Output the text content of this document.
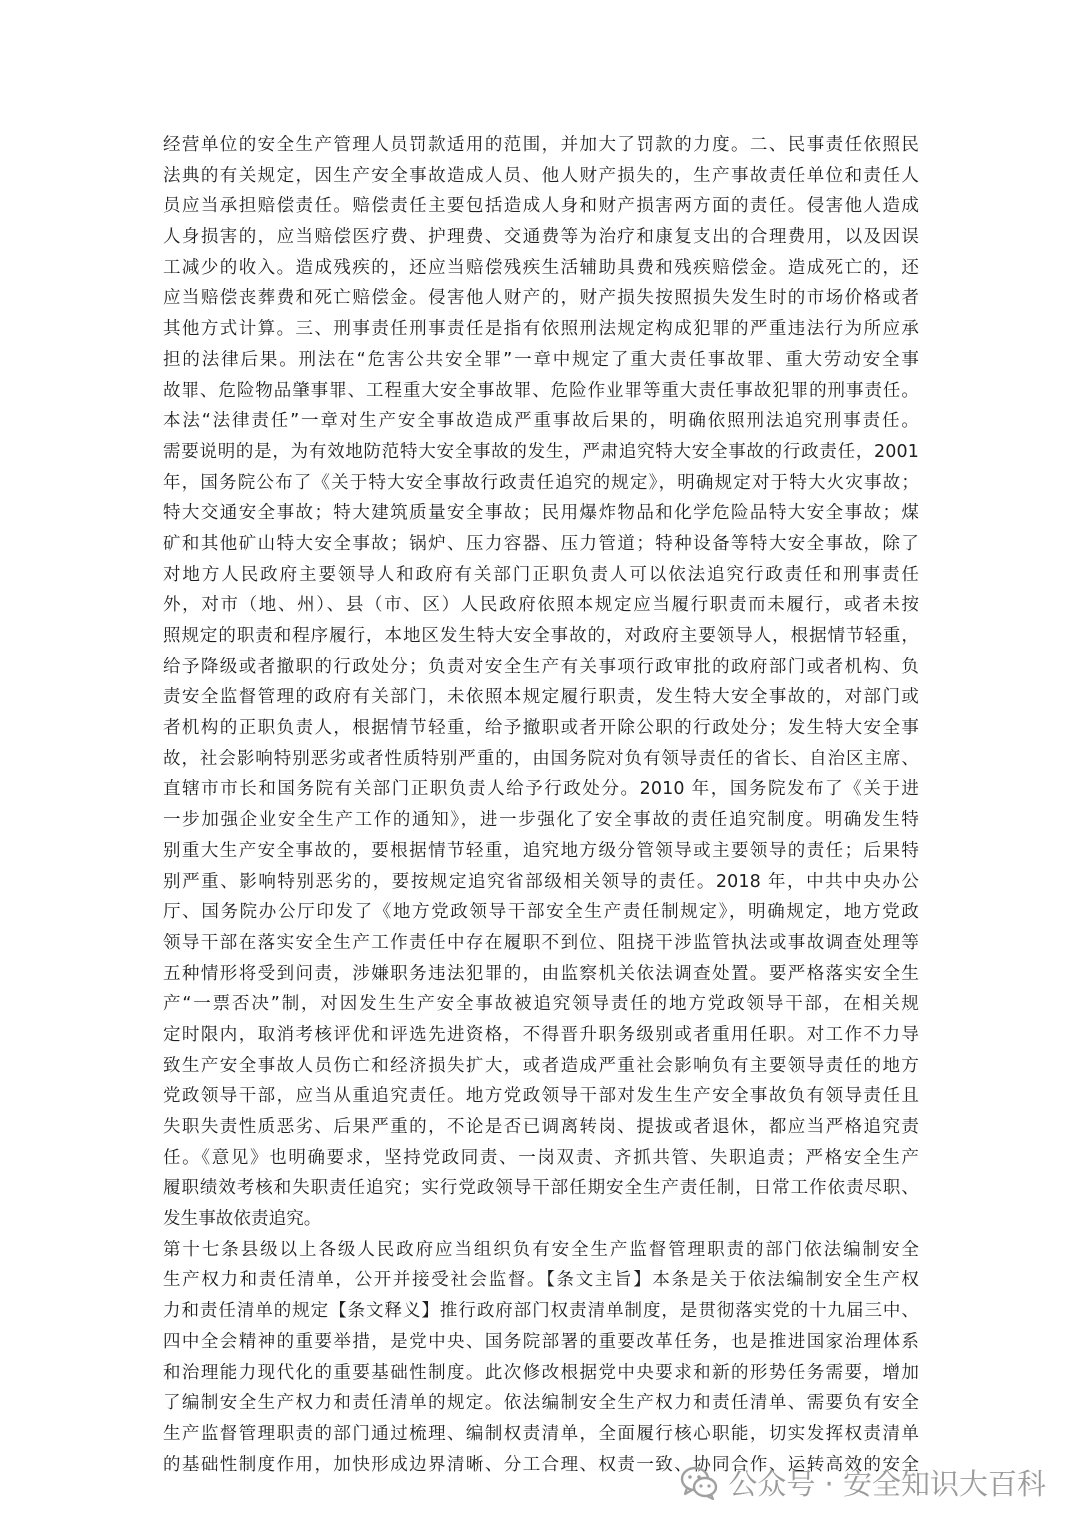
经营单位的安全生产管理人员罚款适用的范围，并加大了罚款的力度。二、民事责任依照民
法典的有关规定，因生产安全事故造成人员、他人财产损失的，生产事故责任单位和责任人
员应当承担赔偿责任。赔偿责任主要包括造成人身和财产损害两方面的责任。侵害他人造成
人身损害的，应当赔偿医疗费、护理费、交通费等为治疗和康复支出的合理费用，以及因误
工减少的收入。造成残疾的，还应当赔偿残疾生活辅助具费和残疾赔偿金。造成死亡的，还
应当赔偿丧葬费和死亡赔偿金。侵害他人财产的，财产损失按照损失发生时的市场价格或者
其他方式计算。三、刑事责任刑事责任是指有依照刑法规定构成犯罪的严重违法行为所应承
担的法律后果。刑法在“危害公共安全罪”一章中规定了重大责任事故罪、重大劳动安全事
故罪、危险物品肇事罪、工程重大安全事故罪、危险作业罪等重大责任事故犯罪的刑事责任。
本法“法律责任”一章对生产安全事故造成严重事故后果的，明确依照刑法追究刑事责任。
需要说明的是，为有效地防范特大安全事故的发生，严肃追究特大安全事故的行政责任，2001
年，国务院公布了《关于特大安全事故行政责任追究的规定》，明确规定对于特大火灾事故；
特大交通安全事故；特大建筑质量安全事故；民用爆炸物品和化学危险品特大安全事故；煤
矿和其他矿山特大安全事故；锅炉、压力容器、压力管道；特种设备等特大安全事故，除了
对地方人民政府主要领导人和政府有关部门正职负责人可以依法追究行政责任和刑事责任
外，对市（地、州）、县（市、区）人民政府依照本规定应当履行职责而未履行，或者未按
照规定的职责和程序履行，本地区发生特大安全事故的，对政府主要领导人，根据情节轻重，
给予降级或者撤职的行政处分；负责对安全生产有关事项行政审批的政府部门或者机构、负
责安全监督管理的政府有关部门，未依照本规定履行职责，发生特大安全事故的，对部门或
者机构的正职负责人，根据情节轻重，给予撤职或者开除公职的行政处分；发生特大安全事
故，社会影响特别恶劣或者性质特别严重的，由国务院对负有领导责任的省长、自治区主席、
直辖市市长和国务院有关部门正职负责人给予行政处分。2010 年，国务院发布了《关于进
一步加强企业安全生产工作的通知》，进一步强化了安全事故的责任追究制度。明确发生特
别重大生产安全事故的，要根据情节轻重，追究地方级分管领导或主要领导的责任；后果特
别严重、影响特别恶劣的，要按规定追究省部级相关领导的责任。2018 年，中共中央办公
厅、国务院办公厅印发了《地方党政领导干部安全生产责任制规定》，明确规定，地方党政
领导干部在落实安全生产工作责任中存在履职不到位、阻挠干涉监管执法或事故调查处理等
五种情形将受到问责，涉嫌职务违法犯罪的，由监察机关依法调查处置。要严格落实安全生
产“一票否决”制，对因发生生产安全事故被追究领导责任的地方党政领导干部，在相关规
定时限内，取消考核评优和评选先进资格，不得晋升职务级别或者重用任职。对工作不力导
致生产安全事故人员伤亡和经济损失扩大，或者造成严重社会影响负有主要领导责任的地方
党政领导干部，应当从重追究责任。地方党政领导干部对发生生产安全事故负有领导责任且
失职失责性质恶劣、后果严重的，不论是否已调离转岗、提拔或者退休，都应当严格追究责
任。《意见》也明确要求，坚持党政同责、一岗双责、齐抓共管、失职追责；严格安全生产
履职绩效考核和失职责任追究；实行党政领导干部任期安全生产责任制，日常工作依责尽职、
发生事故依责追究。
第十七条县级以上各级人民政府应当组织负有安全生产监督管理职责的部门依法编制安全
生产权力和责任清单，公开并接受社会监督。【条文主旨】本条是关于依法编制安全生产权
力和责任清单的规定【条文释义】推行政府部门权责清单制度，是贯彻落实党的十九届三中、
四中全会精神的重要举措，是党中央、国务院部署的重要改革任务，也是推进国家治理体系
和治理能力现代化的重要基础性制度。此次修改根据党中央要求和新的形势任务需要，增加
了编制安全生产权力和责任清单的规定。依法编制安全生产权力和责任清单、需要负有安全
生产监督管理职责的部门通过梳理、编制权责清单，全面履行核心职能，切实发挥权责清单
的基础性制度作用，加快形成边界清晰、分工合理、权责一致、协同合作、运转高效的安全
公众号 · 安全知识大百科
